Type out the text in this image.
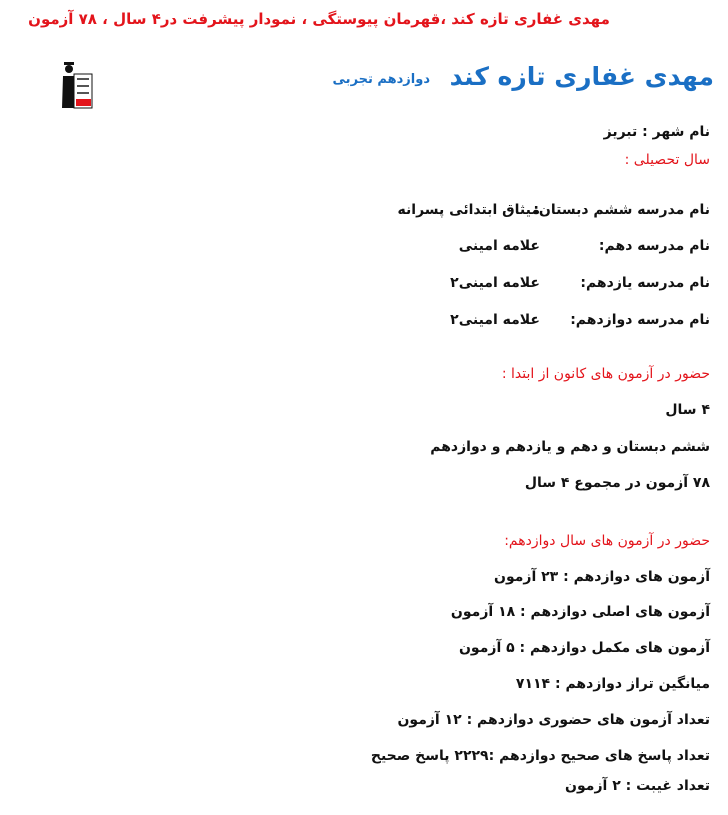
مهدی غفاری تازه کند ،قهرمان پیوستگی ، نمودار پیشرفت در۴ سال ، ۷۸ آزمون
مهدی غفاری تازه کند
دوازدهم تجربی
نام شهر : تبریز
سال تحصیلی :
نام مدرسه ششم دبستان:
میثاق ابتدائی پسرانه
نام مدرسه دهم:
علامه امینی
نام مدرسه یازدهم:
علامه امینی۲
نام مدرسه دوازدهم:
علامه امینی۲
حضور در آزمون های کانون از ابتدا :
۴ سال
ششم دبستان و دهم و یازدهم و دوازدهم
۷۸ آزمون در مجموع ۴ سال
حضور در آزمون های سال دوازدهم:
آزمون های دوازدهم : ۲۳ آزمون
آزمون های اصلی دوازدهم : ۱۸ آزمون
آزمون های مکمل دوازدهم : ۵ آزمون
میانگین تراز دوازدهم : ۷۱۱۴
تعداد آزمون های حضوری دوازدهم : ۱۲ آزمون
تعداد پاسخ های صحیح دوازدهم :۲۲۲۹ پاسخ صحیح
تعداد غیبت : ۲ آزمون
